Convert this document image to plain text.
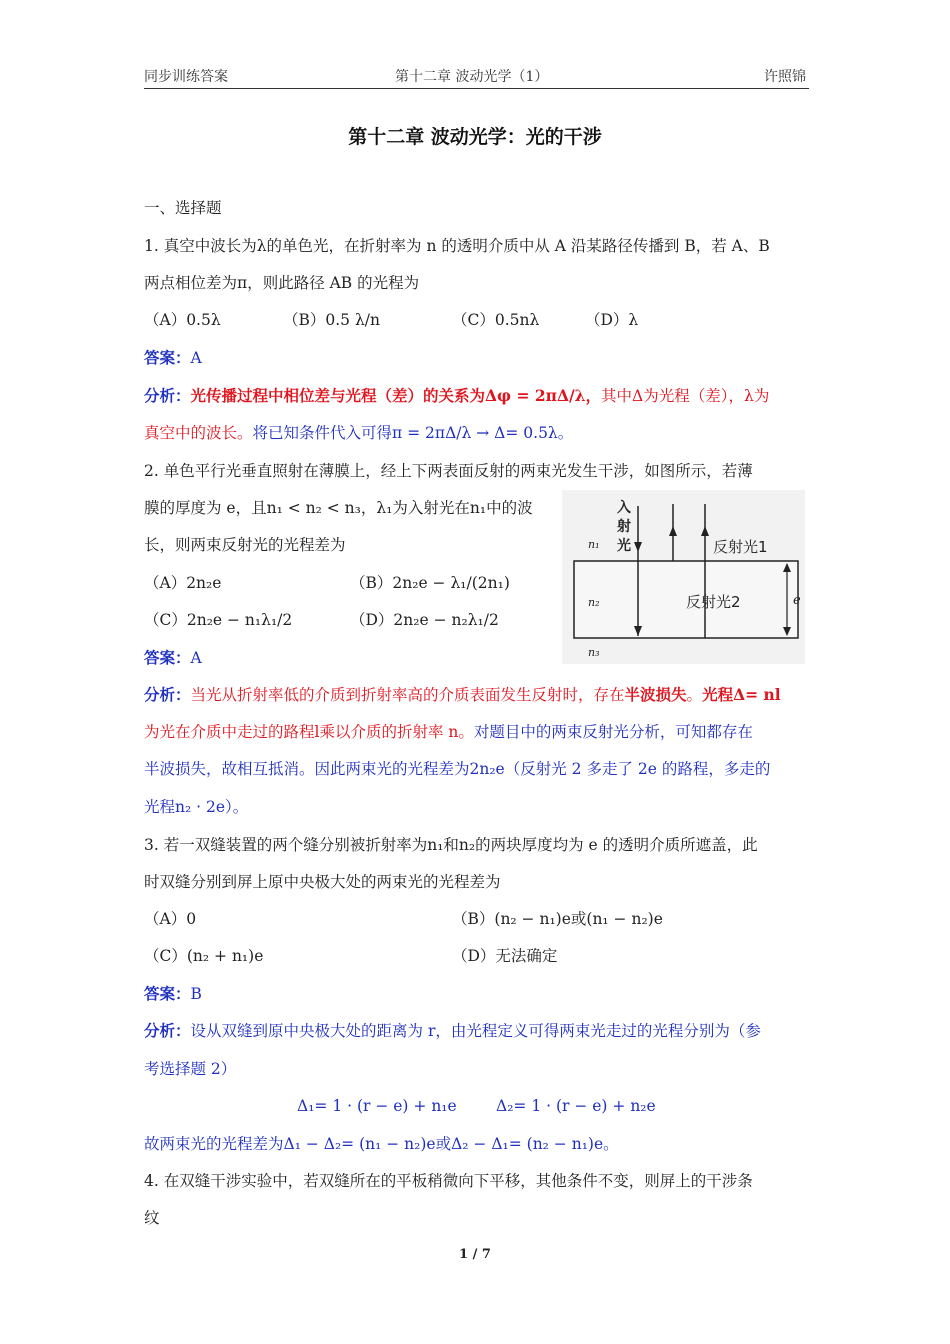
同步训练答案	第十二章 波动光学（1）	许照锦
第十二章 波动光学：光的干涉
一、选择题
1. 真空中波长为λ的单色光，在折射率为 n 的透明介质中从 A 沿某路径传播到 B，若 A、B
两点相位差为π，则此路径 AB 的光程为
（A）0.5λ	（B）0.5 λ/n	（C）0.5nλ	（D）λ
答案：A
分析：光传播过程中相位差与光程（差）的关系为Δφ = 2πΔ/λ，其中Δ为光程（差），λ为
真空中的波长。将已知条件代入可得π = 2πΔ/λ → Δ= 0.5λ。
2. 单色平行光垂直照射在薄膜上，经上下两表面反射的两束光发生干涉，如图所示，若薄
膜的厚度为 e，且n₁ < n₂ < n₃，λ₁为入射光在n₁中的波
长，则两束反射光的光程差为
（A）2n₂e	（B）2n₂e − λ₁/(2n₁)
（C）2n₂e − n₁λ₁/2	（D）2n₂e − n₂λ₁/2
答案：A
分析：当光从折射率低的介质到折射率高的介质表面发生反射时，存在半波损失。光程Δ= nl
为光在介质中走过的路程l乘以介质的折射率 n。对题目中的两束反射光分析，可知都存在
半波损失，故相互抵消。因此两束光的光程差为2n₂e（反射光 2 多走了 2e 的路程，多走的
光程n₂ · 2e）。
入
射
光	反射光1
反射光2
n₁
n₂
n₃
e
3. 若一双缝装置的两个缝分别被折射率为n₁和n₂的两块厚度均为 e 的透明介质所遮盖，此
时双缝分别到屏上原中央极大处的两束光的光程差为
（A）0	（B）(n₂ − n₁)e或(n₁ − n₂)e
（C）(n₂ + n₁)e	（D）无法确定
答案：B
分析：设从双缝到原中央极大处的距离为 r，由光程定义可得两束光走过的光程分别为（参
考选择题 2）
Δ₁= 1 · (r − e) + n₁e	Δ₂= 1 · (r − e) + n₂e
故两束光的光程差为Δ₁ − Δ₂= (n₁ − n₂)e或Δ₂ − Δ₁= (n₂ − n₁)e。
4. 在双缝干涉实验中，若双缝所在的平板稍微向下平移，其他条件不变，则屏上的干涉条
纹
1 / 7
